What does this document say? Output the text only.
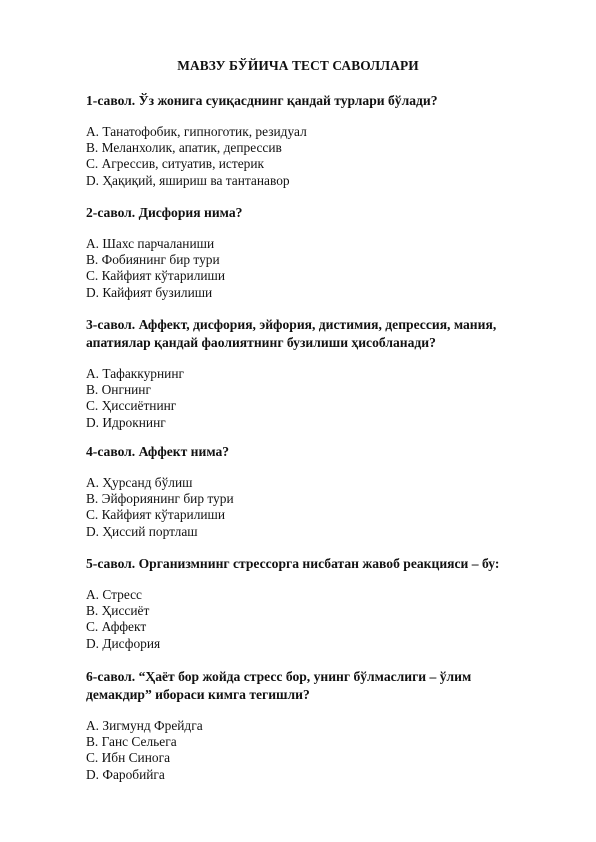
МАВЗУ БЎЙИЧА ТЕСТ САВОЛЛАРИ

1-савол. Ўз жонига суиқасднинг қандай турлари бўлади?

A. Танатофобик, гипноготик, резидуал
B. Меланхолик, апатик, депрессив
C. Агрессив, ситуатив, истерик
D. Ҳақиқий, яшириш ва тантанавор

2-савол. Дисфория нима?

A. Шахс парчаланиши
B. Фобиянинг бир тури
C. Кайфият кўтарилиши
D. Кайфият бузилиши

3-савол. Аффект, дисфория, эйфория, дистимия, депрессия, мания, апатиялар қандай фаолиятнинг бузилиши ҳисобланади?

A. Тафаккурнинг
B. Онгнинг
C. Ҳиссиётнинг
D. Идрокнинг

4-савол. Аффект нима?

A. Ҳурсанд бўлиш
B. Эйфориянинг бир тури
C. Кайфият кўтарилиши
D. Ҳиссий портлаш

5-савол. Организмнинг стрессорга нисбатан жавоб реакцияси – бу:

A. Стресс
B. Ҳиссиёт
C. Аффект
D. Дисфория

6-савол. “Ҳаёт бор жойда стресс бор, унинг бўлмаслиги – ўлим демакдир” ибораси кимга тегишли?

A. Зигмунд Фрейдга
B. Ганс Сельега
C. Ибн Синога
D. Фаробийга
